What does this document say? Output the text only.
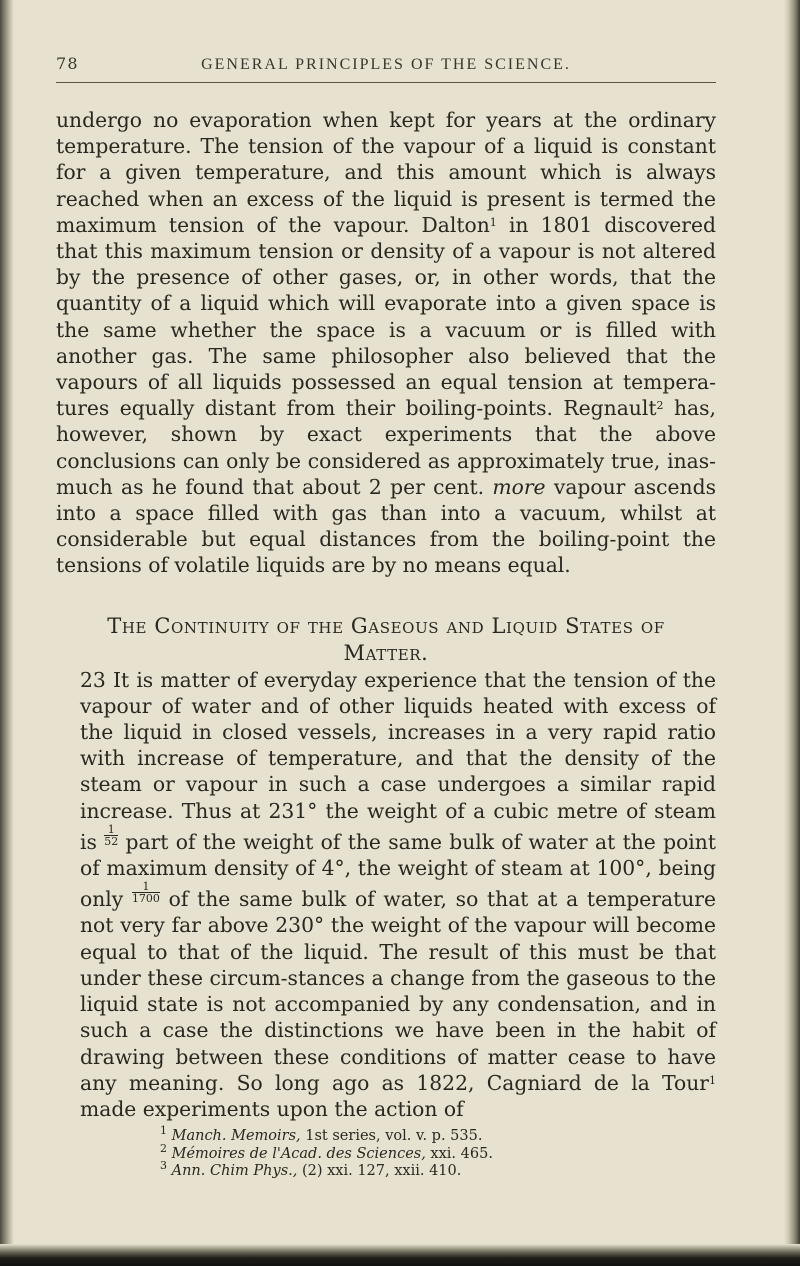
78	GENERAL PRINCIPLES OF THE SCIENCE.

undergo no evaporation when kept for years at the ordinary temperature. The tension of the vapour of a liquid is constant for a given temperature, and this amount which is always reached when an excess of the liquid is present is termed the maximum tension of the vapour. Dalton$^1$ in 1801 discovered that this maximum tension or density of a vapour is not altered by the presence of other gases, or, in other words, that the quantity of a liquid which will evaporate into a given space is the same whether the space is a vacuum or is filled with another gas. The same philosopher also believed that the vapours of all liquids possessed an equal tension at tempera-tures equally distant from their boiling-points. Regnault$^2$ has, however, shown by exact experiments that the above conclusions can only be considered as approximately true, inas-much as he found that about 2 per cent. more vapour ascends into a space filled with gas than into a vacuum, whilst at considerable but equal distances from the boiling-point the tensions of volatile liquids are by no means equal.

The Continuity of the Gaseous and Liquid States of
Matter.

23 It is matter of everyday experience that the tension of the vapour of water and of other liquids heated with excess of the liquid in closed vessels, increases in a very rapid ratio with increase of temperature, and that the density of the steam or vapour in such a case undergoes a similar rapid increase. Thus at 231° the weight of a cubic metre of steam is $\frac{1}{52}$ part of the weight of the same bulk of water at the point of maximum density of 4°, the weight of steam at 100°, being only $\frac{1}{1700}$ of the same bulk of water, so that at a temperature not very far above 230° the weight of the vapour will become equal to that of the liquid. The result of this must be that under these circum-stances a change from the gaseous to the liquid state is not accompanied by any condensation, and in such a case the distinctions we have been in the habit of drawing between these conditions of matter cease to have any meaning. So long ago as 1822, Cagniard de la Tour$^1$ made experiments upon the action of

$^1$ Manch. Memoirs, 1st series, vol. v. p. 535.
$^2$ Mémoires de l'Acad. des Sciences, xxi. 465.
$^3$ Ann. Chim Phys., (2) xxi. 127, xxii. 410.
